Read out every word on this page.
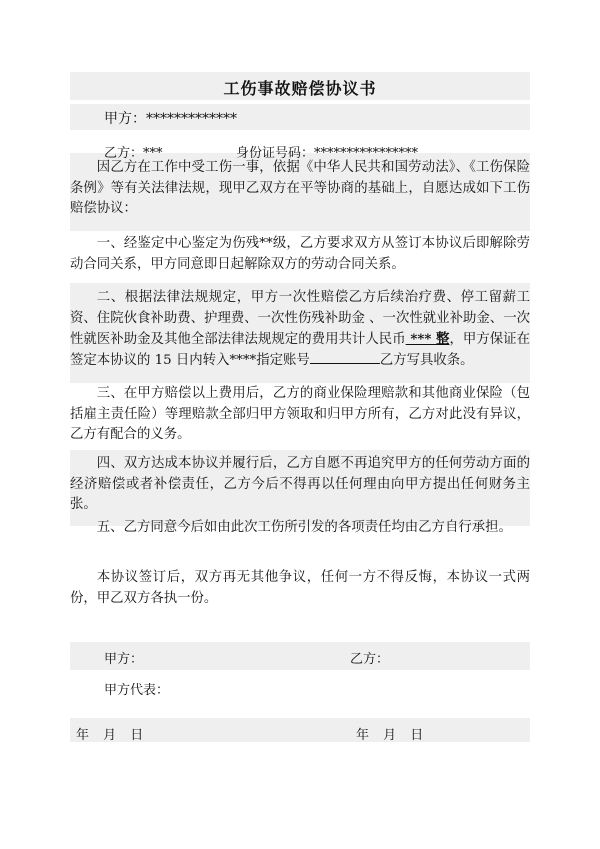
工伤事故赔偿协议书
甲方：*************
乙方：***	身份证号码：****************
因乙方在工作中受工伤一事，依据《中华人民共和国劳动法》、《工伤保险条例》等有关法律法规，现甲乙双方在平等协商的基础上，自愿达成如下工伤赔偿协议：
一、经鉴定中心鉴定为伤残**级，乙方要求双方从签订本协议后即解除劳动合同关系，甲方同意即日起解除双方的劳动合同关系。
二、根据法律法规规定，甲方一次性赔偿乙方后续治疗费、停工留薪工资、住院伙食补助费、护理费、一次性伤残补助金 、一次性就业补助金、一次性就医补助金及其他全部法律法规规定的费用共计人民币 *** 整，甲方保证在签定本协议的 15 日内转入****指定账号	乙方写具收条。
三、在甲方赔偿以上费用后，乙方的商业保险理赔款和其他商业保险（包括雇主责任险）等理赔款全部归甲方领取和归甲方所有，乙方对此没有异议，乙方有配合的义务。
四、双方达成本协议并履行后，乙方自愿不再追究甲方的任何劳动方面的经济赔偿或者补偿责任，乙方今后不得再以任何理由向甲方提出任何财务主张。
五、乙方同意今后如由此次工伤所引发的各项责任均由乙方自行承担。
本协议签订后，双方再无其他争议，任何一方不得反悔，本协议一式两份，甲乙双方各执一份。
甲方：	乙方：
甲方代表：
年 月 日	年 月 日
